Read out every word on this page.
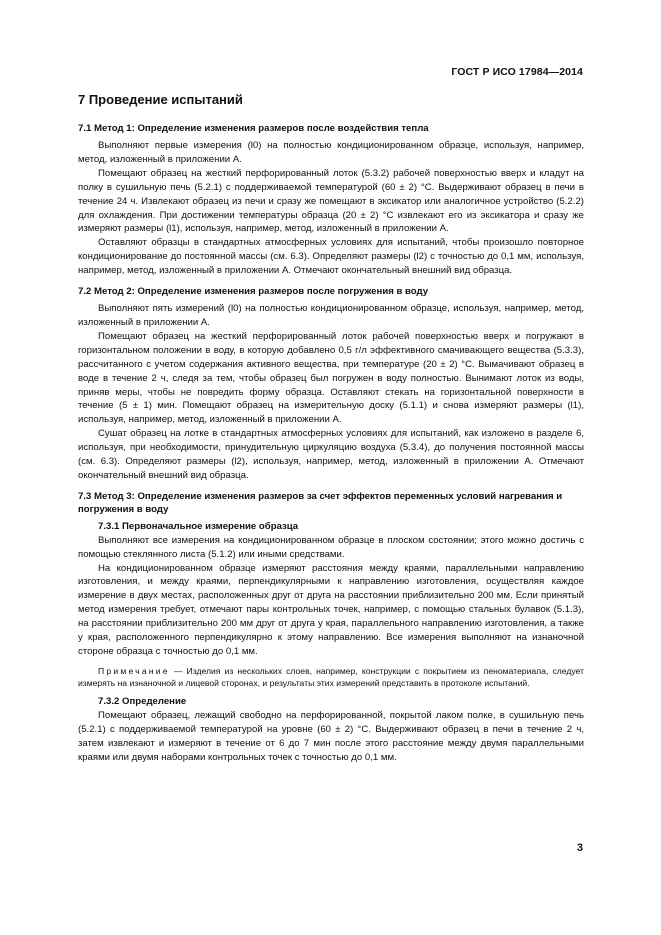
ГОСТ Р ИСО 17984—2014
7 Проведение испытаний
7.1 Метод 1: Определение изменения размеров после воздействия тепла

Выполняют первые измерения (l0) на полностью кондиционированном образце, используя, например, метод, изложенный в приложении А.

Помещают образец на жесткий перфорированный лоток (5.3.2) рабочей поверхностью вверх и кладут на полку в сушильную печь (5.2.1) с поддерживаемой температурой (60 ± 2) °С. Выдерживают образец в печи в течение 24 ч. Извлекают образец из печи и сразу же помещают в эксикатор или аналогичное устройство (5.2.2) для охлаждения. При достижении температуры образца (20 ± 2) °С извлекают его из эксикатора и сразу же измеряют размеры (l1), используя, например, метод, изложенный в приложении А.

Оставляют образцы в стандартных атмосферных условиях для испытаний, чтобы произошло повторное кондиционирование до постоянной массы (см. 6.3). Определяют размеры (l2) с точностью до 0,1 мм, используя, например, метод, изложенный в приложении А. Отмечают окончательный внешний вид образца.

7.2 Метод 2: Определение изменения размеров после погружения в воду

Выполняют пять измерений (l0) на полностью кондиционированном образце, используя, например, метод, изложенный в приложении А.

Помещают образец на жесткий перфорированный лоток рабочей поверхностью вверх и погружают в горизонтальном положении в воду, в которую добавлено 0,5 г/л эффективного смачивающего вещества (5.3.3), рассчитанного с учетом содержания активного вещества, при температуре (20 ± 2) °С. Вымачивают образец в воде в течение 2 ч, следя за тем, чтобы образец был погружен в воду полностью. Вынимают лоток из воды, приняв меры, чтобы не повредить форму образца. Оставляют стекать на горизонтальной поверхности в течение (5 ± 1) мин. Помещают образец на измерительную доску (5.1.1) и снова измеряют размеры (l1), используя, например, метод, изложенный в приложении А.

Сушат образец на лотке в стандартных атмосферных условиях для испытаний, как изложено в разделе 6, используя, при необходимости, принудительную циркуляцию воздуха (5.3.4), до получения постоянной массы (см. 6.3). Определяют размеры (l2), используя, например, метод, изложенный в приложении А. Отмечают окончательный внешний вид образца.

7.3 Метод 3: Определение изменения размеров за счет эффектов переменных условий нагревания и погружения в воду
7.3.1 Первоначальное измерение образца

Выполняют все измерения на кондиционированном образце в плоском состоянии; этого можно достичь с помощью стеклянного листа (5.1.2) или иными средствами.

На кондиционированном образце измеряют расстояния между краями, параллельными направлению изготовления, и между краями, перпендикулярными к направлению изготовления, осуществляя каждое измерение в двух местах, расположенных друг от друга на расстоянии приблизительно 200 мм. Если принятый метод измерения требует, отмечают пары контрольных точек, например, с помощью стальных булавок (5.1.3), на расстоянии приблизительно 200 мм друг от друга у края, параллельного направлению изготовления, а также у края, расположенного перпендикулярно к этому направлению. Все измерения выполняют на изнаночной стороне образца с точностью до 0,1 мм.

Примечание — Изделия из нескольких слоев, например, конструкции с покрытием из пеноматериала, следует измерять на изнаночной и лицевой сторонах, и результаты этих измерений представить в протоколе испытаний.

7.3.2 Определение

Помещают образец, лежащий свободно на перфорированной, покрытой лаком полке, в сушильную печь (5.2.1) с поддерживаемой температурой на уровне (60 ± 2) °С. Выдерживают образец в печи в течение 2 ч, затем извлекают и измеряют в течение от 6 до 7 мин после этого расстояние между двумя параллельными краями или двумя наборами контрольных точек с точностью до 0,1 мм.

3
